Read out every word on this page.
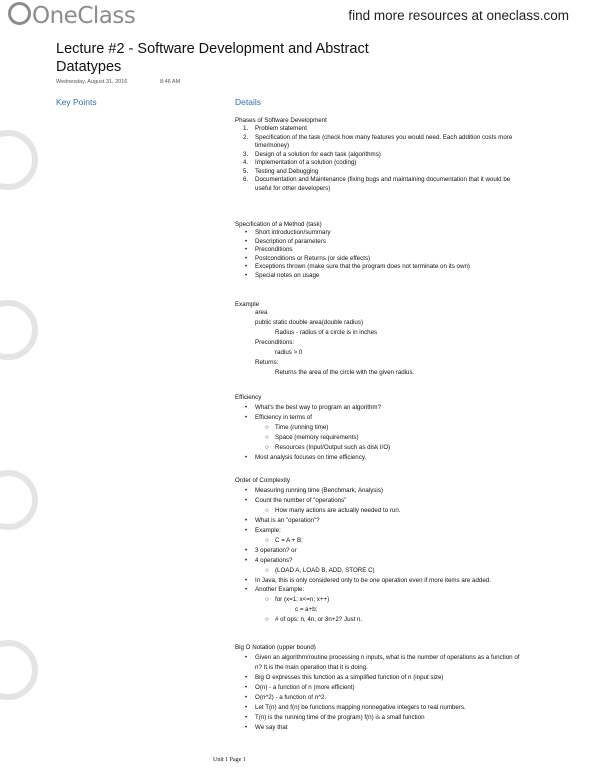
OneClass	find more resources at oneclass.com
Lecture #2 - Software Development and Abstract
Datatypes
Wednesday, August 31, 2016	8:46 AM
Key Points	Details
Phases of Software Development
1. Problem statement
2. Specification of the task (check how many features you would need. Each addition costs more
time/money)
3. Design of a solution for each task (algorithms)
4. Implementation of a solution (coding)
5. Testing and Debugging
6. Documentation and Maintenance (fixing bugs and maintaining documentation that it would be
useful for other developers)
Specification of a Method (task)
• Short introduction/summary
• Description of parameters
• Preconditions
• Postconditions or Returns (or side effects)
• Exceptions thrown (make sure that the program does not terminate on its own)
• Special notes on usage
Example
area
public static double area(double radius)
Radius - radius of a circle is in inches
Preconditions:
radius > 0
Returns:
Returns the area of the circle with the given radius.
Efficiency
• What's the best way to program an algorithm?
• Efficiency in terms of
○ Time (running time)
○ Space (memory requirements)
○ Resources (Input/Output such as disk I/O)
• Most analysis focuses on time efficiency.
Order of Complexity
• Measuring running time (Benchmark, Analysis)
• Count the number of "operations"
○ How many actions are actually needed to run.
• What is an "operation"?
• Example:
○ C = A + B;
• 3 operation? or
• 4 operations?
○ (LOAD A, LOAD B, ADD, STORE C)
• In Java, this is only considered only to be one operation even if more items are added.
• Another Example:
○ for (x=1; x<=n; x++)
c = a+b;
○ # of ops: n, 4n, or 3n+2? Just n.
Big O Notation (upper bound)
• Given an algorithm/routine processing n inputs, what is the number of operations as a function of
n? It is the main operation that it is doing.
• Big O expresses this function as a simplified function of n (input size)
• O(n) - a function of n (more efficient)
• O(n^2) - a function of n^2.
• Let T(n) and f(n) be functions mapping nonnegative integers to real numbers.
• T(n) is the running time of the program) f(n) is a small function
• We say that
Unit 1 Page 1
